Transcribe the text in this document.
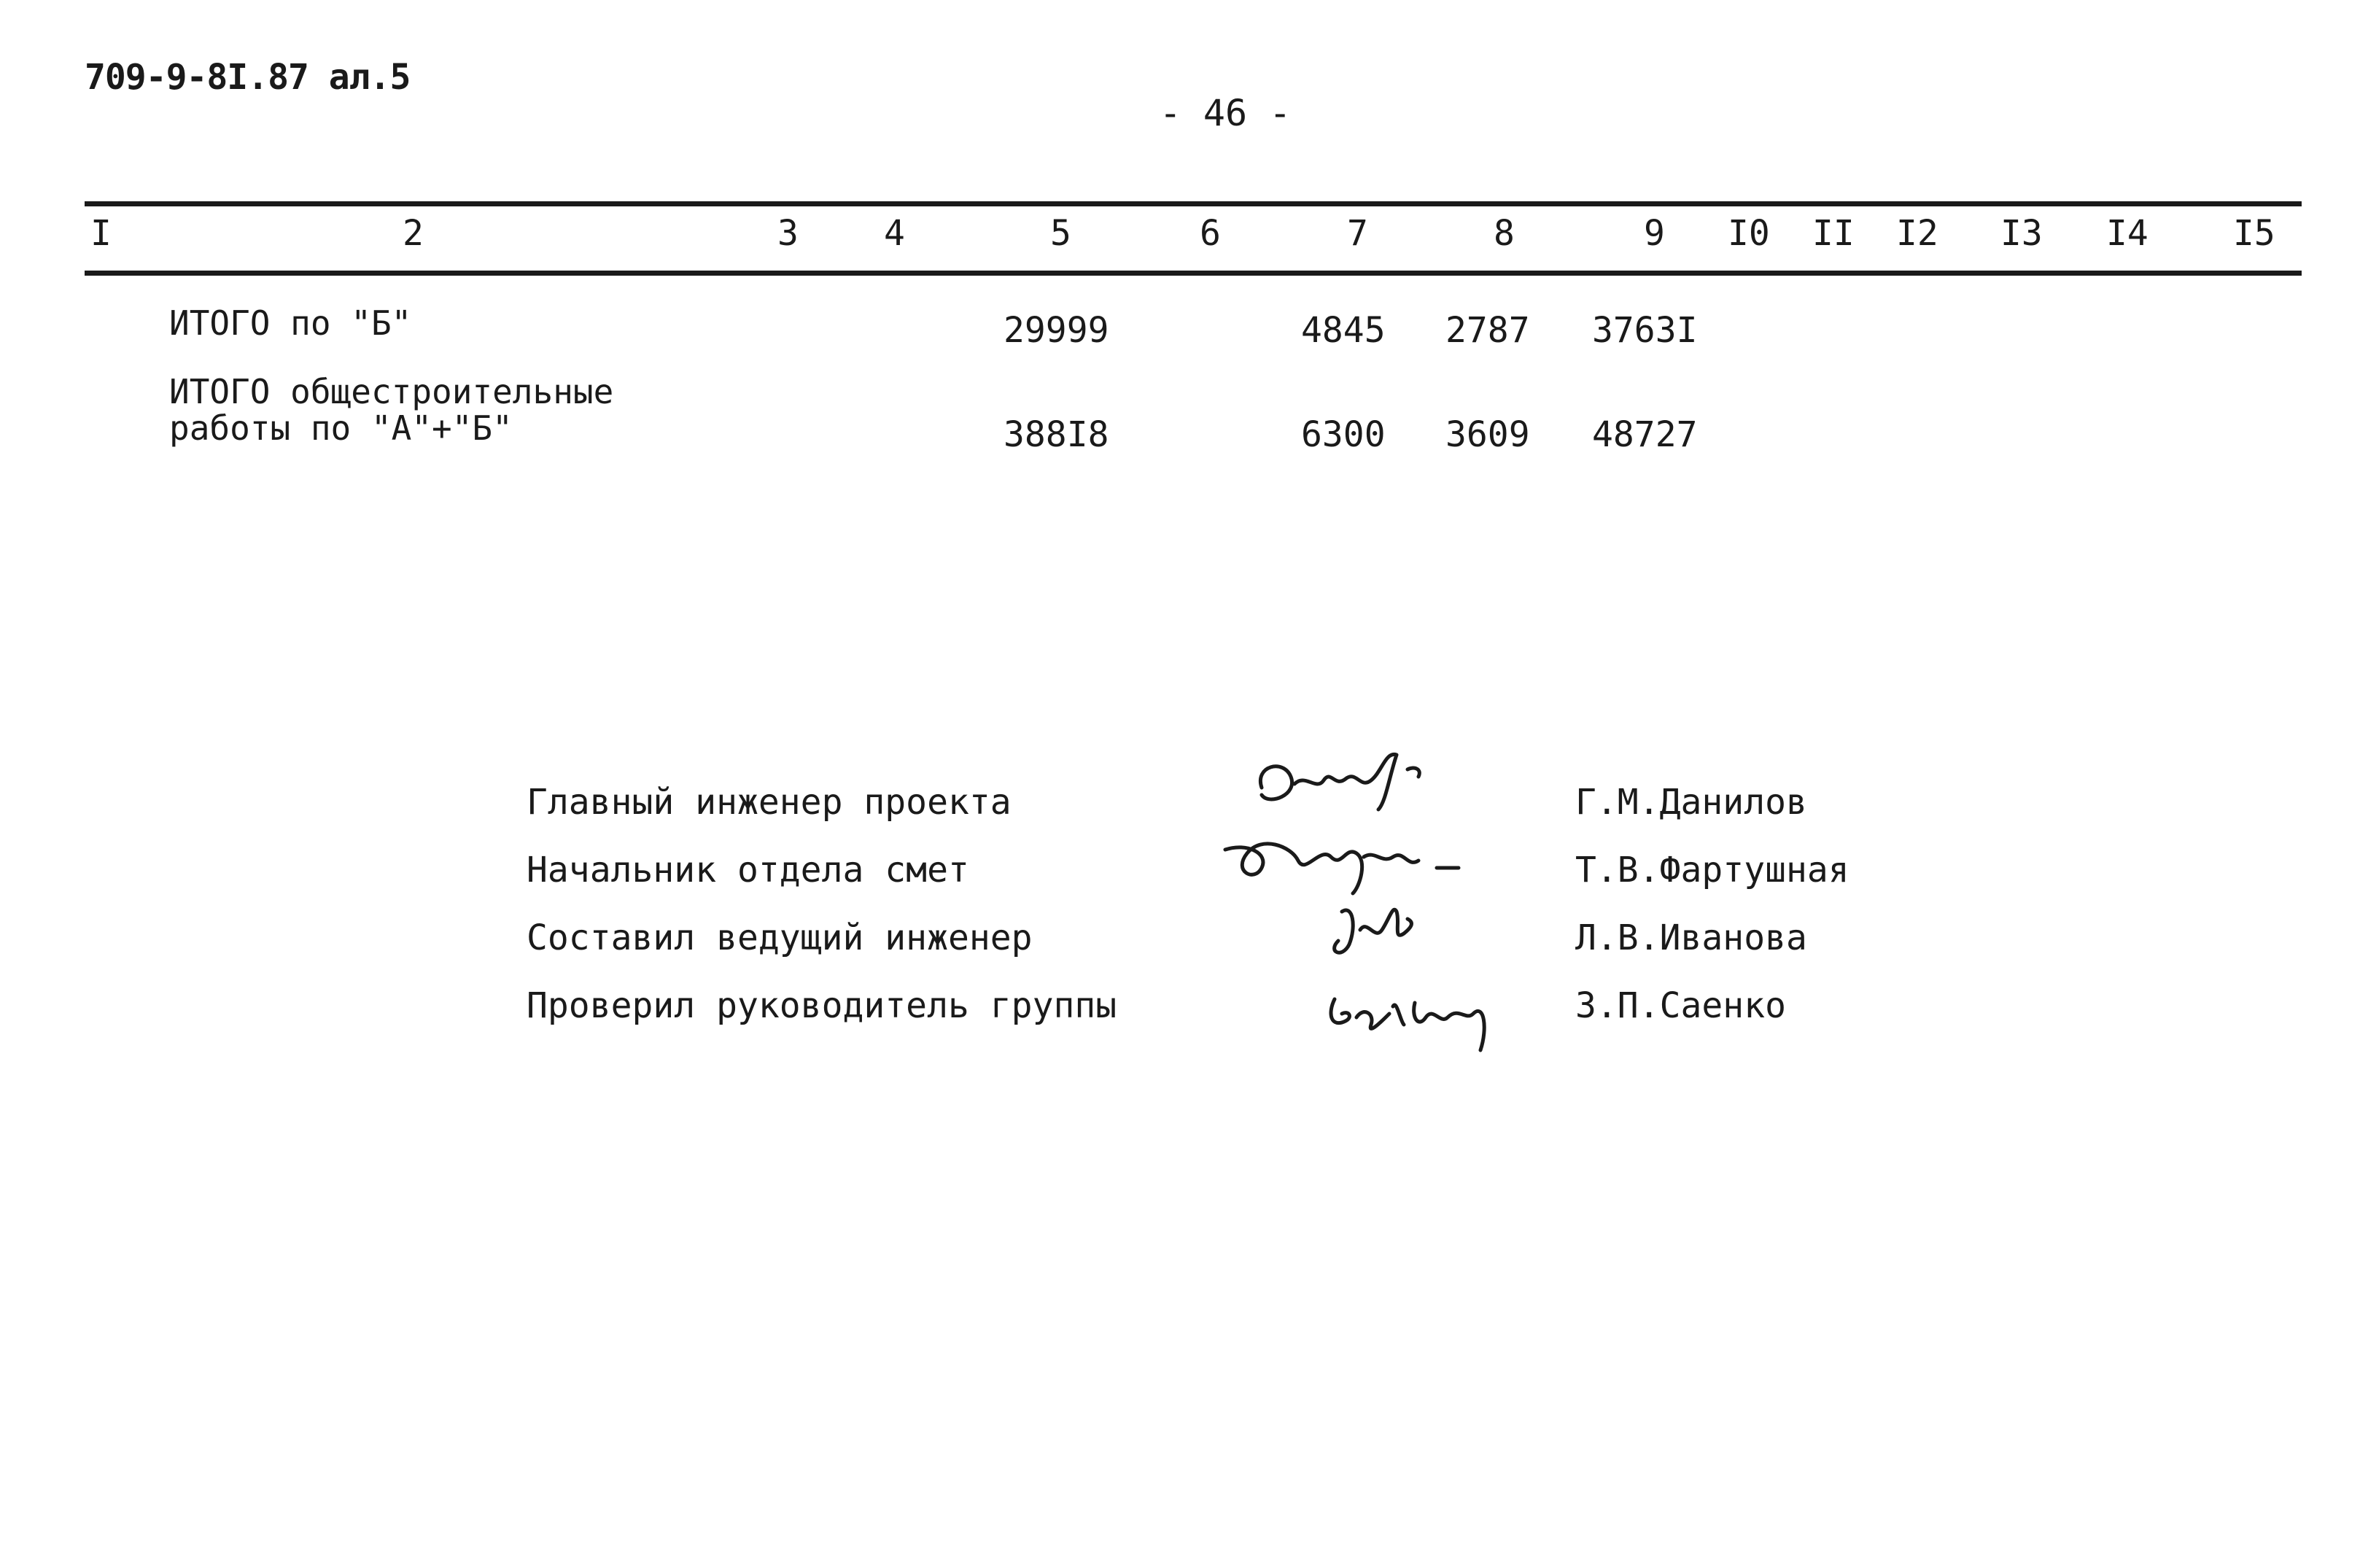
709-9-8I.87 ал.5
- 46 -
I	2	3 4	5	6	7	8	9 I0 II I2 I3 I4 I5
ИТОГО по "Б"	29999	4845 2787 3763I
ИТОГО общестроительные
работы по "А"+"Б"	388I8	6300 3609 48727
Главный инженер проекта	Г.М.Данилов
Начальник отдела смет	Т.В.Фартушная
Составил ведущий инженер	Л.В.Иванова
Проверил руководитель группы	З.П.Саенко
